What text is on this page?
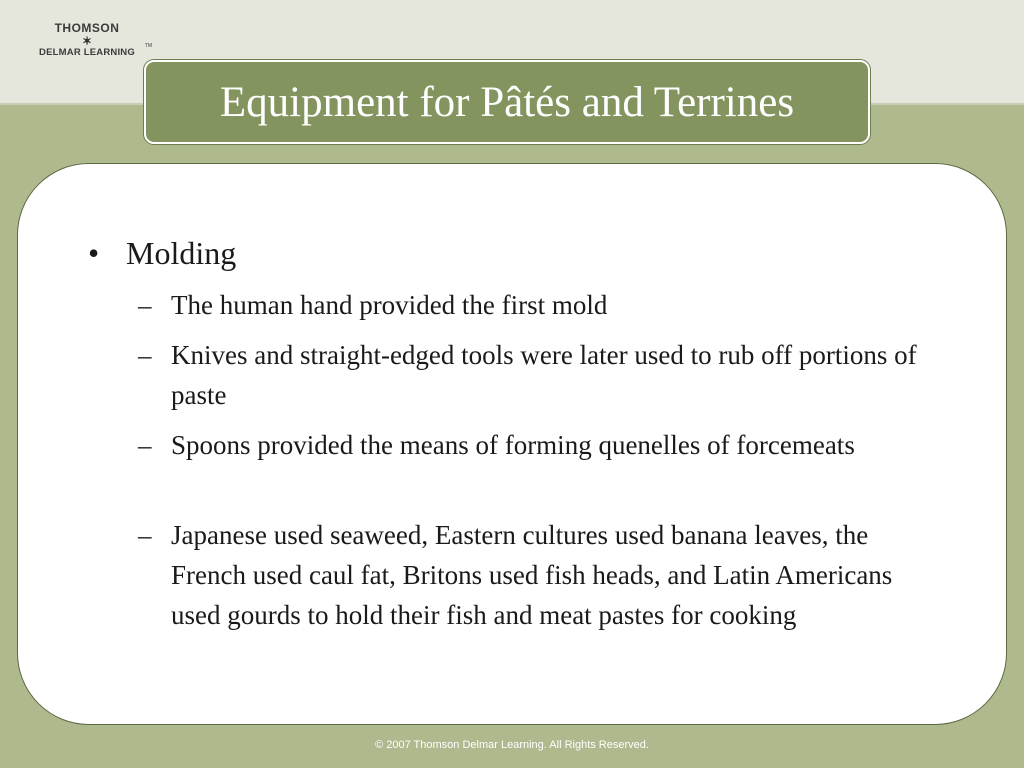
THOMSON
✶
DELMAR LEARNING
TM
Equipment for Pâtés and Terrines
• Molding
– The human hand provided the first mold
– Knives and straight-edged tools were later used to rub off portions of paste
– Spoons provided the means of forming quenelles of forcemeats
– Japanese used seaweed, Eastern cultures used banana leaves, the French used caul fat, Britons used fish heads, and Latin Americans used gourds to hold their fish and meat pastes for cooking
© 2007 Thomson Delmar Learning. All Rights Reserved.
